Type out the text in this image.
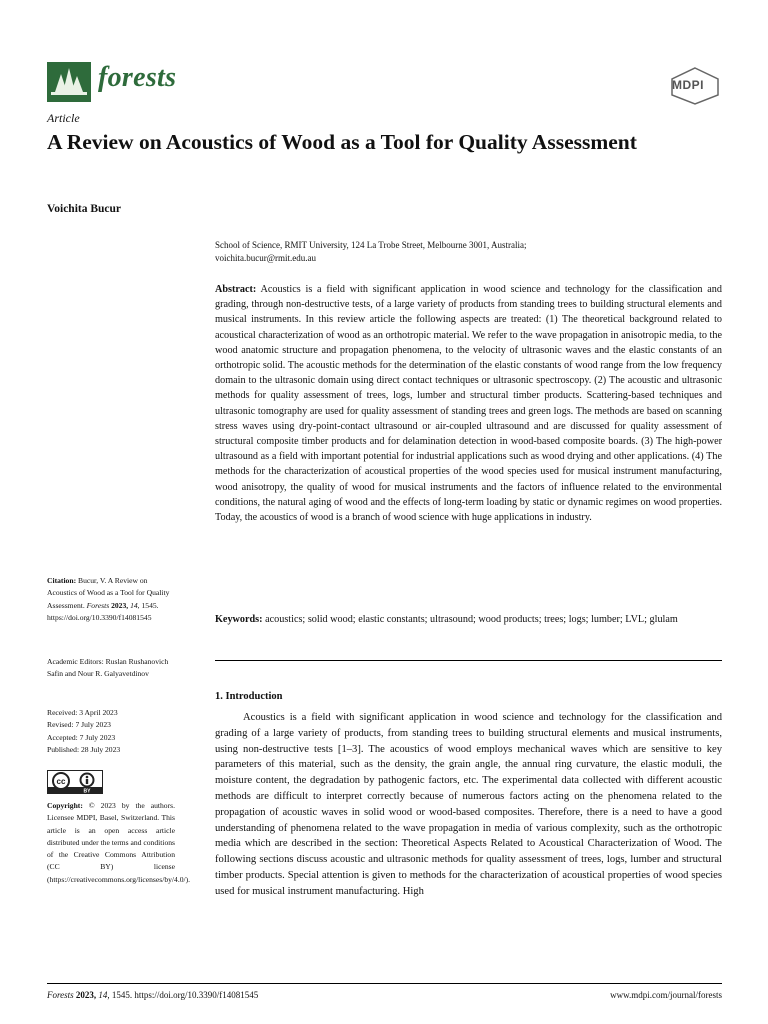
forests	MDPI
Article
A Review on Acoustics of Wood as a Tool for Quality Assessment
Voichita Bucur
School of Science, RMIT University, 124 La Trobe Street, Melbourne 3001, Australia;
voichita.bucur@rmit.edu.au
Abstract: Acoustics is a field with significant application in wood science and technology for the classification and grading, through non-destructive tests, of a large variety of products from standing trees to building structural elements and musical instruments. In this review article the following aspects are treated: (1) The theoretical background related to acoustical characterization of wood as an orthotropic material. We refer to the wave propagation in anisotropic media, to the wood anatomic structure and propagation phenomena, to the velocity of ultrasonic waves and the elastic constants of an orthotropic solid. The acoustic methods for the determination of the elastic constants of wood range from the low frequency domain to the ultrasonic domain using direct contact techniques or ultrasonic spectroscopy. (2) The acoustic and ultrasonic methods for quality assessment of trees, logs, lumber and structural timber products. Scattering-based techniques and ultrasonic tomography are used for quality assessment of standing trees and green logs. The methods are based on scanning stress waves using dry-point-contact ultrasound or air-coupled ultrasound and are discussed for quality assessment of structural composite timber products and for delamination detection in wood-based composite boards. (3) The high-power ultrasound as a field with important potential for industrial applications such as wood drying and other applications. (4) The methods for the characterization of acoustical properties of the wood species used for musical instrument manufacturing, wood anisotropy, the quality of wood for musical instruments and the factors of influence related to the environmental conditions, the natural aging of wood and the effects of long-term loading by static or dynamic regimes on wood properties. Today, the acoustics of wood is a branch of wood science with huge applications in industry.
Keywords: acoustics; solid wood; elastic constants; ultrasound; wood products; trees; logs; lumber; LVL; glulam
1. Introduction
Acoustics is a field with significant application in wood science and technology for the classification and grading of a large variety of products, from standing trees to building structural elements and musical instruments, using non-destructive tests [1–3]. The acoustics of wood employs mechanical waves which are sensitive to key parameters of this material, such as the density, the grain angle, the annual ring curvature, the elastic moduli, the moisture content, the degradation by pathogenic factors, etc. The experimental data collected with different acoustic methods are difficult to interpret correctly because of numerous factors acting on the phenomena related to the propagation of acoustic waves in solid wood or wood-based composites. Therefore, there is a need to have a good understanding of phenomena related to the wave propagation in media of various complexity, such as the orthotropic media which are described in the section: Theoretical Aspects Related to Acoustical Characterization of Wood. The following sections discuss acoustic and ultrasonic methods for quality assessment of trees, logs, lumber and structural timber products. Special attention is given to methods for the characterization of acoustical properties of wood species used for musical instrument manufacturing. High
Citation: Bucur, V. A Review on Acoustics of Wood as a Tool for Quality Assessment. Forests 2023, 14, 1545. https://doi.org/10.3390/f14081545
Academic Editors: Ruslan Rushanovich Safin and Nour R. Galyavetdinov
Received: 3 April 2023
Revised: 7 July 2023
Accepted: 7 July 2023
Published: 28 July 2023
cc
BY
Copyright: © 2023 by the authors. Licensee MDPI, Basel, Switzerland. This article is an open access article distributed under the terms and conditions of the Creative Commons Attribution (CC BY) license (https://creativecommons.org/licenses/by/4.0/).
Forests 2023, 14, 1545. https://doi.org/10.3390/f14081545	www.mdpi.com/journal/forests
